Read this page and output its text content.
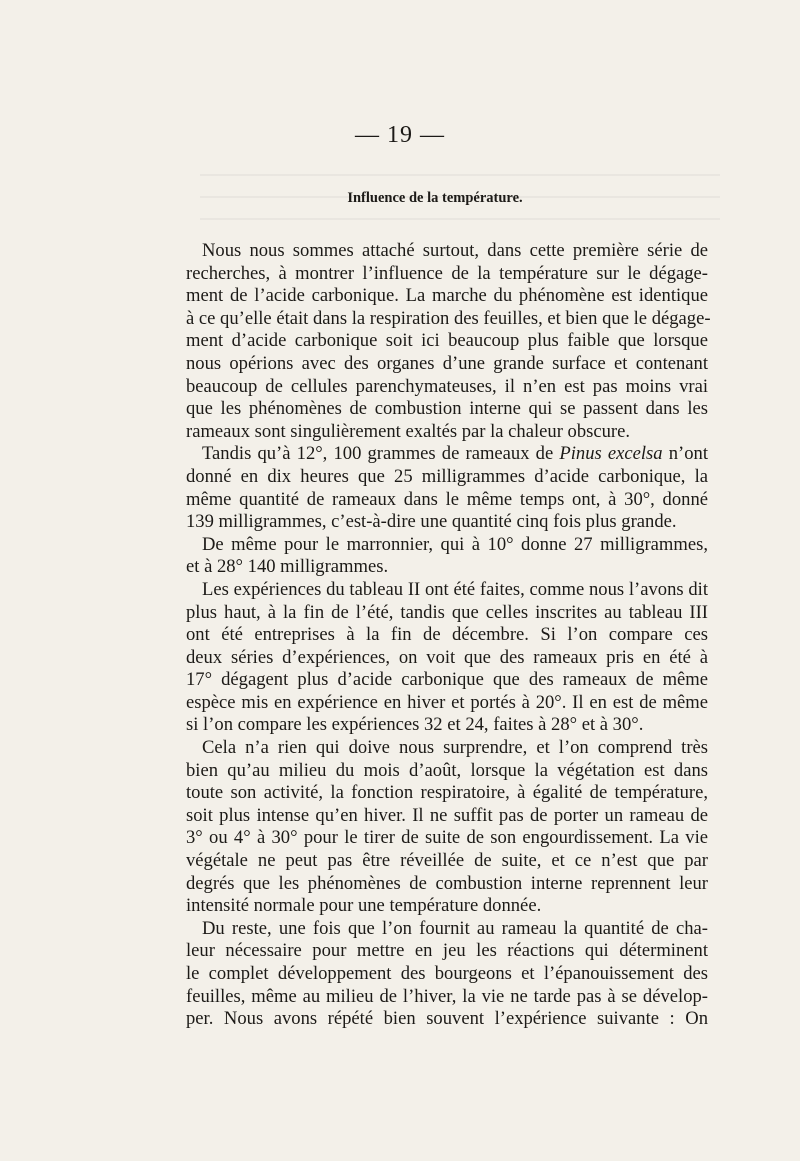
— 19 —
Influence de la température.
Nous nous sommes attaché surtout, dans cette première série de
recherches, à montrer l’influence de la température sur le dégage-
ment de l’acide carbonique. La marche du phénomène est identique
à ce qu’elle était dans la respiration des feuilles, et bien que le dégage-
ment d’acide carbonique soit ici beaucoup plus faible que lorsque
nous opérions avec des organes d’une grande surface et contenant
beaucoup de cellules parenchymateuses, il n’en est pas moins vrai
que les phénomènes de combustion interne qui se passent dans les
rameaux sont singulièrement exaltés par la chaleur obscure.
Tandis qu’à 12°, 100 grammes de rameaux de Pinus excelsa n’ont
donné en dix heures que 25 milligrammes d’acide carbonique, la
même quantité de rameaux dans le même temps ont, à 30°, donné
139 milligrammes, c’est-à-dire une quantité cinq fois plus grande.
De même pour le marronnier, qui à 10° donne 27 milligrammes,
et à 28° 140 milligrammes.
Les expériences du tableau II ont été faites, comme nous l’avons dit
plus haut, à la fin de l’été, tandis que celles inscrites au tableau III
ont été entreprises à la fin de décembre. Si l’on compare ces
deux séries d’expériences, on voit que des rameaux pris en été à
17° dégagent plus d’acide carbonique que des rameaux de même
espèce mis en expérience en hiver et portés à 20°. Il en est de même
si l’on compare les expériences 32 et 24, faites à 28° et à 30°.
Cela n’a rien qui doive nous surprendre, et l’on comprend très
bien qu’au milieu du mois d’août, lorsque la végétation est dans
toute son activité, la fonction respiratoire, à égalité de température,
soit plus intense qu’en hiver. Il ne suffit pas de porter un rameau de
3° ou 4° à 30° pour le tirer de suite de son engourdissement. La vie
végétale ne peut pas être réveillée de suite, et ce n’est que par
degrés que les phénomènes de combustion interne reprennent leur
intensité normale pour une température donnée.
Du reste, une fois que l’on fournit au rameau la quantité de cha-
leur nécessaire pour mettre en jeu les réactions qui déterminent
le complet développement des bourgeons et l’épanouissement des
feuilles, même au milieu de l’hiver, la vie ne tarde pas à se dévelop-
per. Nous avons répété bien souvent l’expérience suivante : On
